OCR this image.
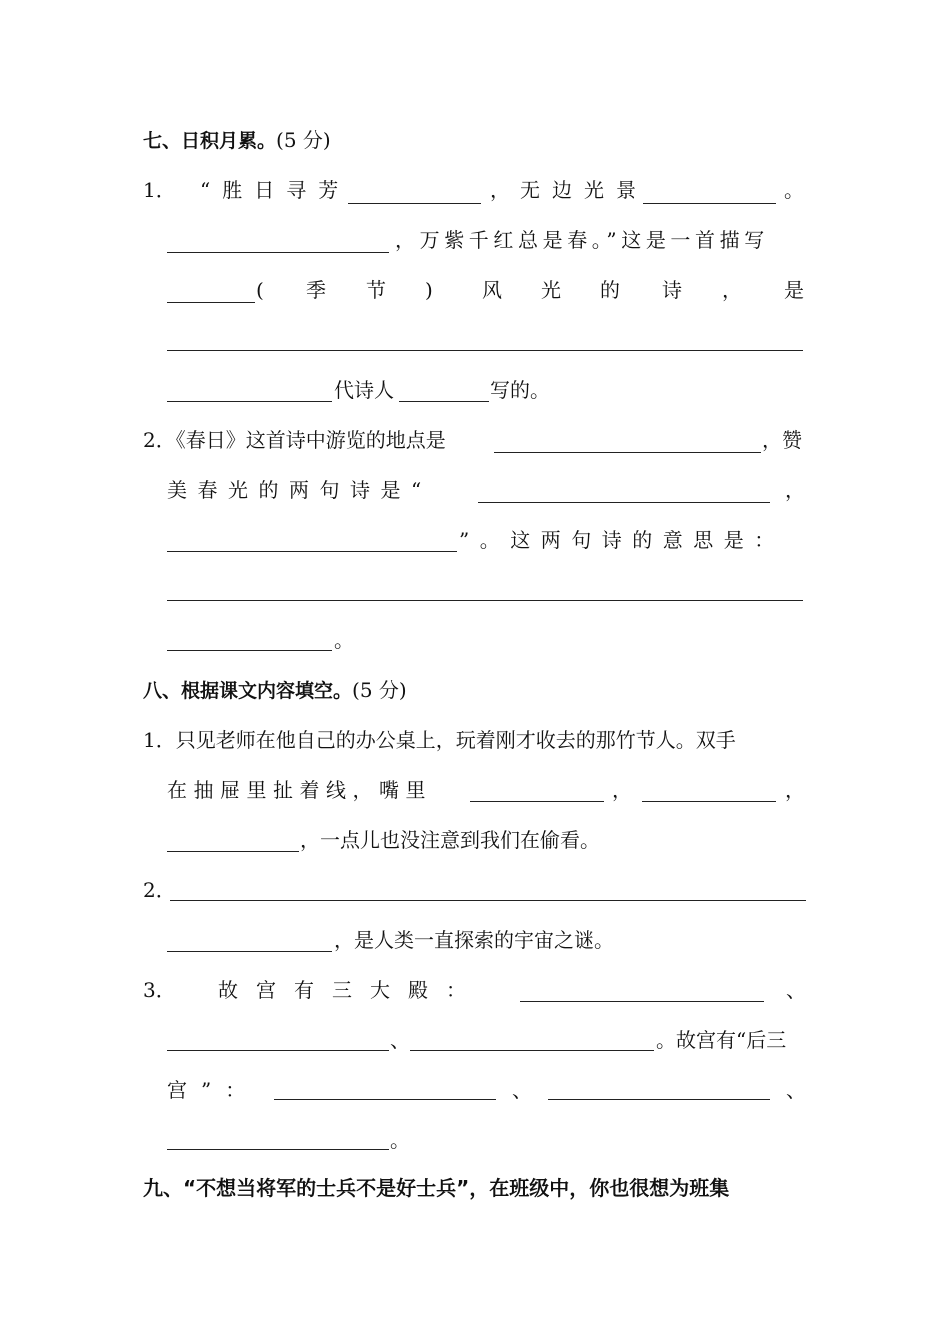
七、日积月累。(5 分)
1． “胜日寻芳	， 无边光景	。
，万紫千红总是春。”这是一首描写
( 季 节 ) 风 光 的 诗 ， 是
代诗人	写的。
2．《春日》这首诗中游览的地点是	，赞
美春光的两句诗是“	，
”。这两句诗的意思是：
。
八、根据课文内容填空。(5 分)
1．只见老师在他自己的办公桌上，玩着刚才收去的那竹节人。双手
在抽屉里扯着线，嘴里	，	，
，一点儿也没注意到我们在偷看。
2．
，是人类一直探索的宇宙之谜。
3． 故宫有三大殿：	、
、	。故宫有“后三
宫”：	、	、
。
九、“不想当将军的士兵不是好士兵”，在班级中，你也很想为班集
